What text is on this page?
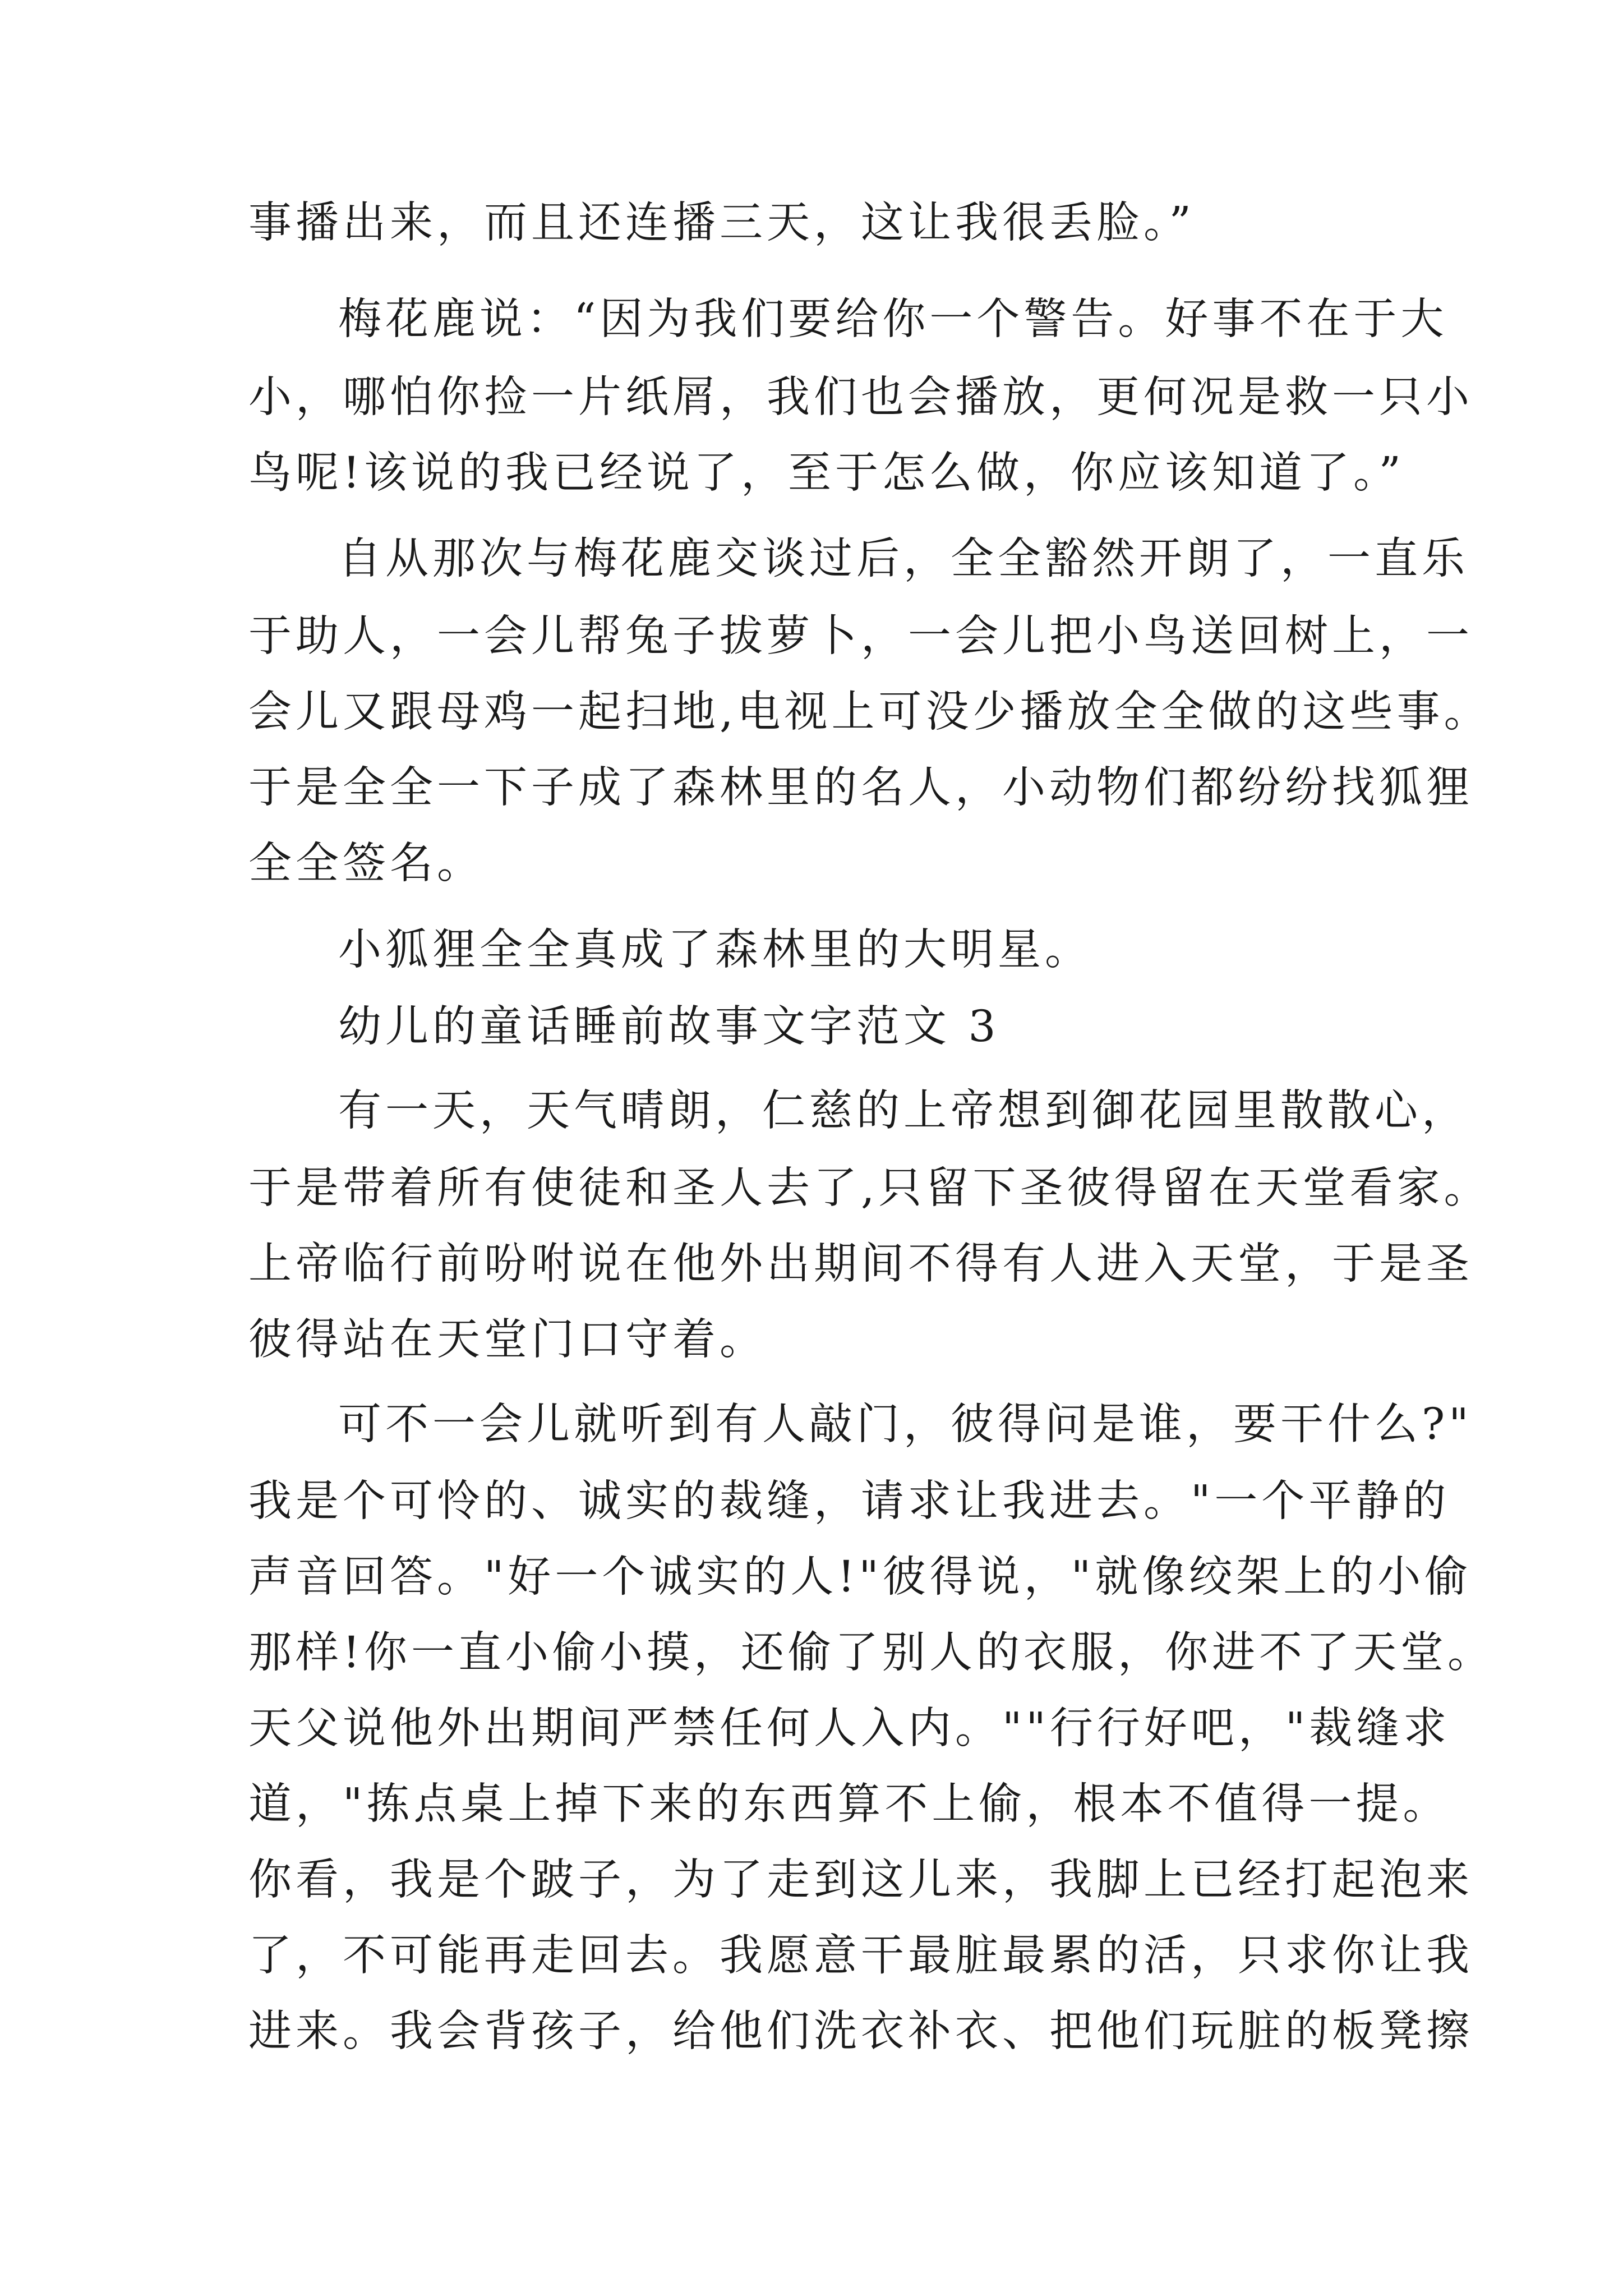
事播出来，而且还连播三天，这让我很丢脸。”
梅花鹿说：“因为我们要给你一个警告。好事不在于大
小，哪怕你捡一片纸屑，我们也会播放，更何况是救一只小
鸟呢!该说的我已经说了，至于怎么做，你应该知道了。”
自从那次与梅花鹿交谈过后，全全豁然开朗了，一直乐
于助人，一会儿帮兔子拔萝卜，一会儿把小鸟送回树上，一
会儿又跟母鸡一起扫地,电视上可没少播放全全做的这些事。
于是全全一下子成了森林里的名人，小动物们都纷纷找狐狸
全全签名。
小狐狸全全真成了森林里的大明星。
幼儿的童话睡前故事文字范文 3
有一天，天气晴朗，仁慈的上帝想到御花园里散散心，
于是带着所有使徒和圣人去了,只留下圣彼得留在天堂看家。
上帝临行前吩咐说在他外出期间不得有人进入天堂，于是圣
彼得站在天堂门口守着。
可不一会儿就听到有人敲门，彼得问是谁，要干什么?"
我是个可怜的、诚实的裁缝，请求让我进去。"一个平静的
声音回答。"好一个诚实的人!"彼得说，"就像绞架上的小偷
那样!你一直小偷小摸，还偷了别人的衣服，你进不了天堂。
天父说他外出期间严禁任何人入内。""行行好吧，"裁缝求
道，"拣点桌上掉下来的东西算不上偷，根本不值得一提。
你看，我是个跛子，为了走到这儿来，我脚上已经打起泡来
了，不可能再走回去。我愿意干最脏最累的活，只求你让我
进来。我会背孩子，给他们洗衣补衣、把他们玩脏的板凳擦
